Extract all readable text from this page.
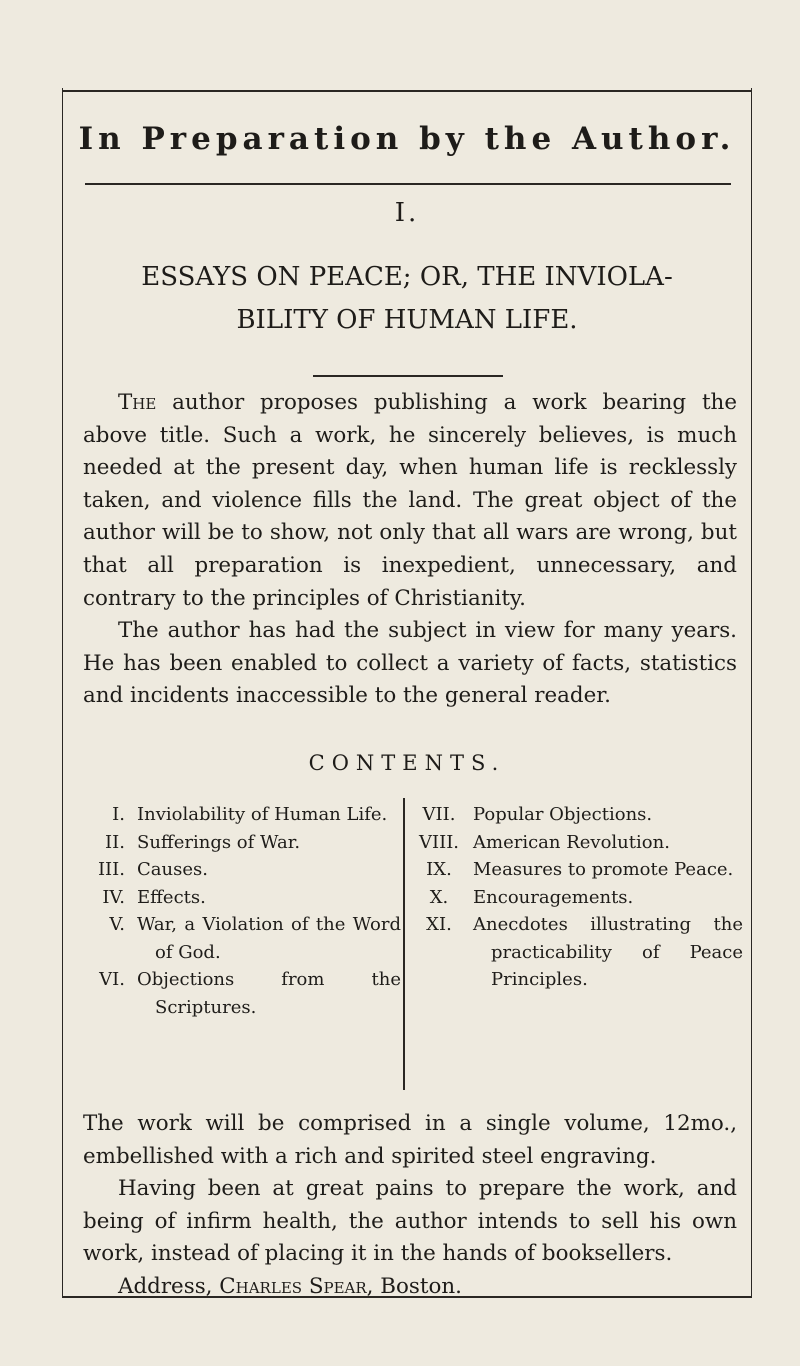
In Preparation by the Author.
I.
ESSAYS ON PEACE; OR, THE INVIOLA-
BILITY OF HUMAN LIFE.

The author proposes publishing a work bearing the above title. Such a work, he sincerely believes, is much needed at the present day, when human life is recklessly taken, and violence fills the land. The great object of the author will be to show, not only that all wars are wrong, but that all preparation is inexpedient, unnecessary, and contrary to the principles of Christianity.

The author has had the subject in view for many years. He has been enabled to collect a variety of facts, statistics and incidents inaccessible to the general reader.

CONTENTS.
I. Inviolability of Human Life.
II. Sufferings of War.
III. Causes.
IV. Effects.
V. War, a Violation of the Word of God.
VI. Objections from the Scriptures.
VII. Popular Objections.
VIII. American Revolution.
IX.	Measures to promote Peace.
X.	Encouragements.
XI.	Anecdotes illustrating the practicability of Peace Principles.

The work will be comprised in a single volume, 12mo., embellished with a rich and spirited steel engraving.

Having been at great pains to prepare the work, and being of infirm health, the author intends to sell his own work, instead of placing it in the hands of booksellers.

Address, Charles Spear, Boston.
